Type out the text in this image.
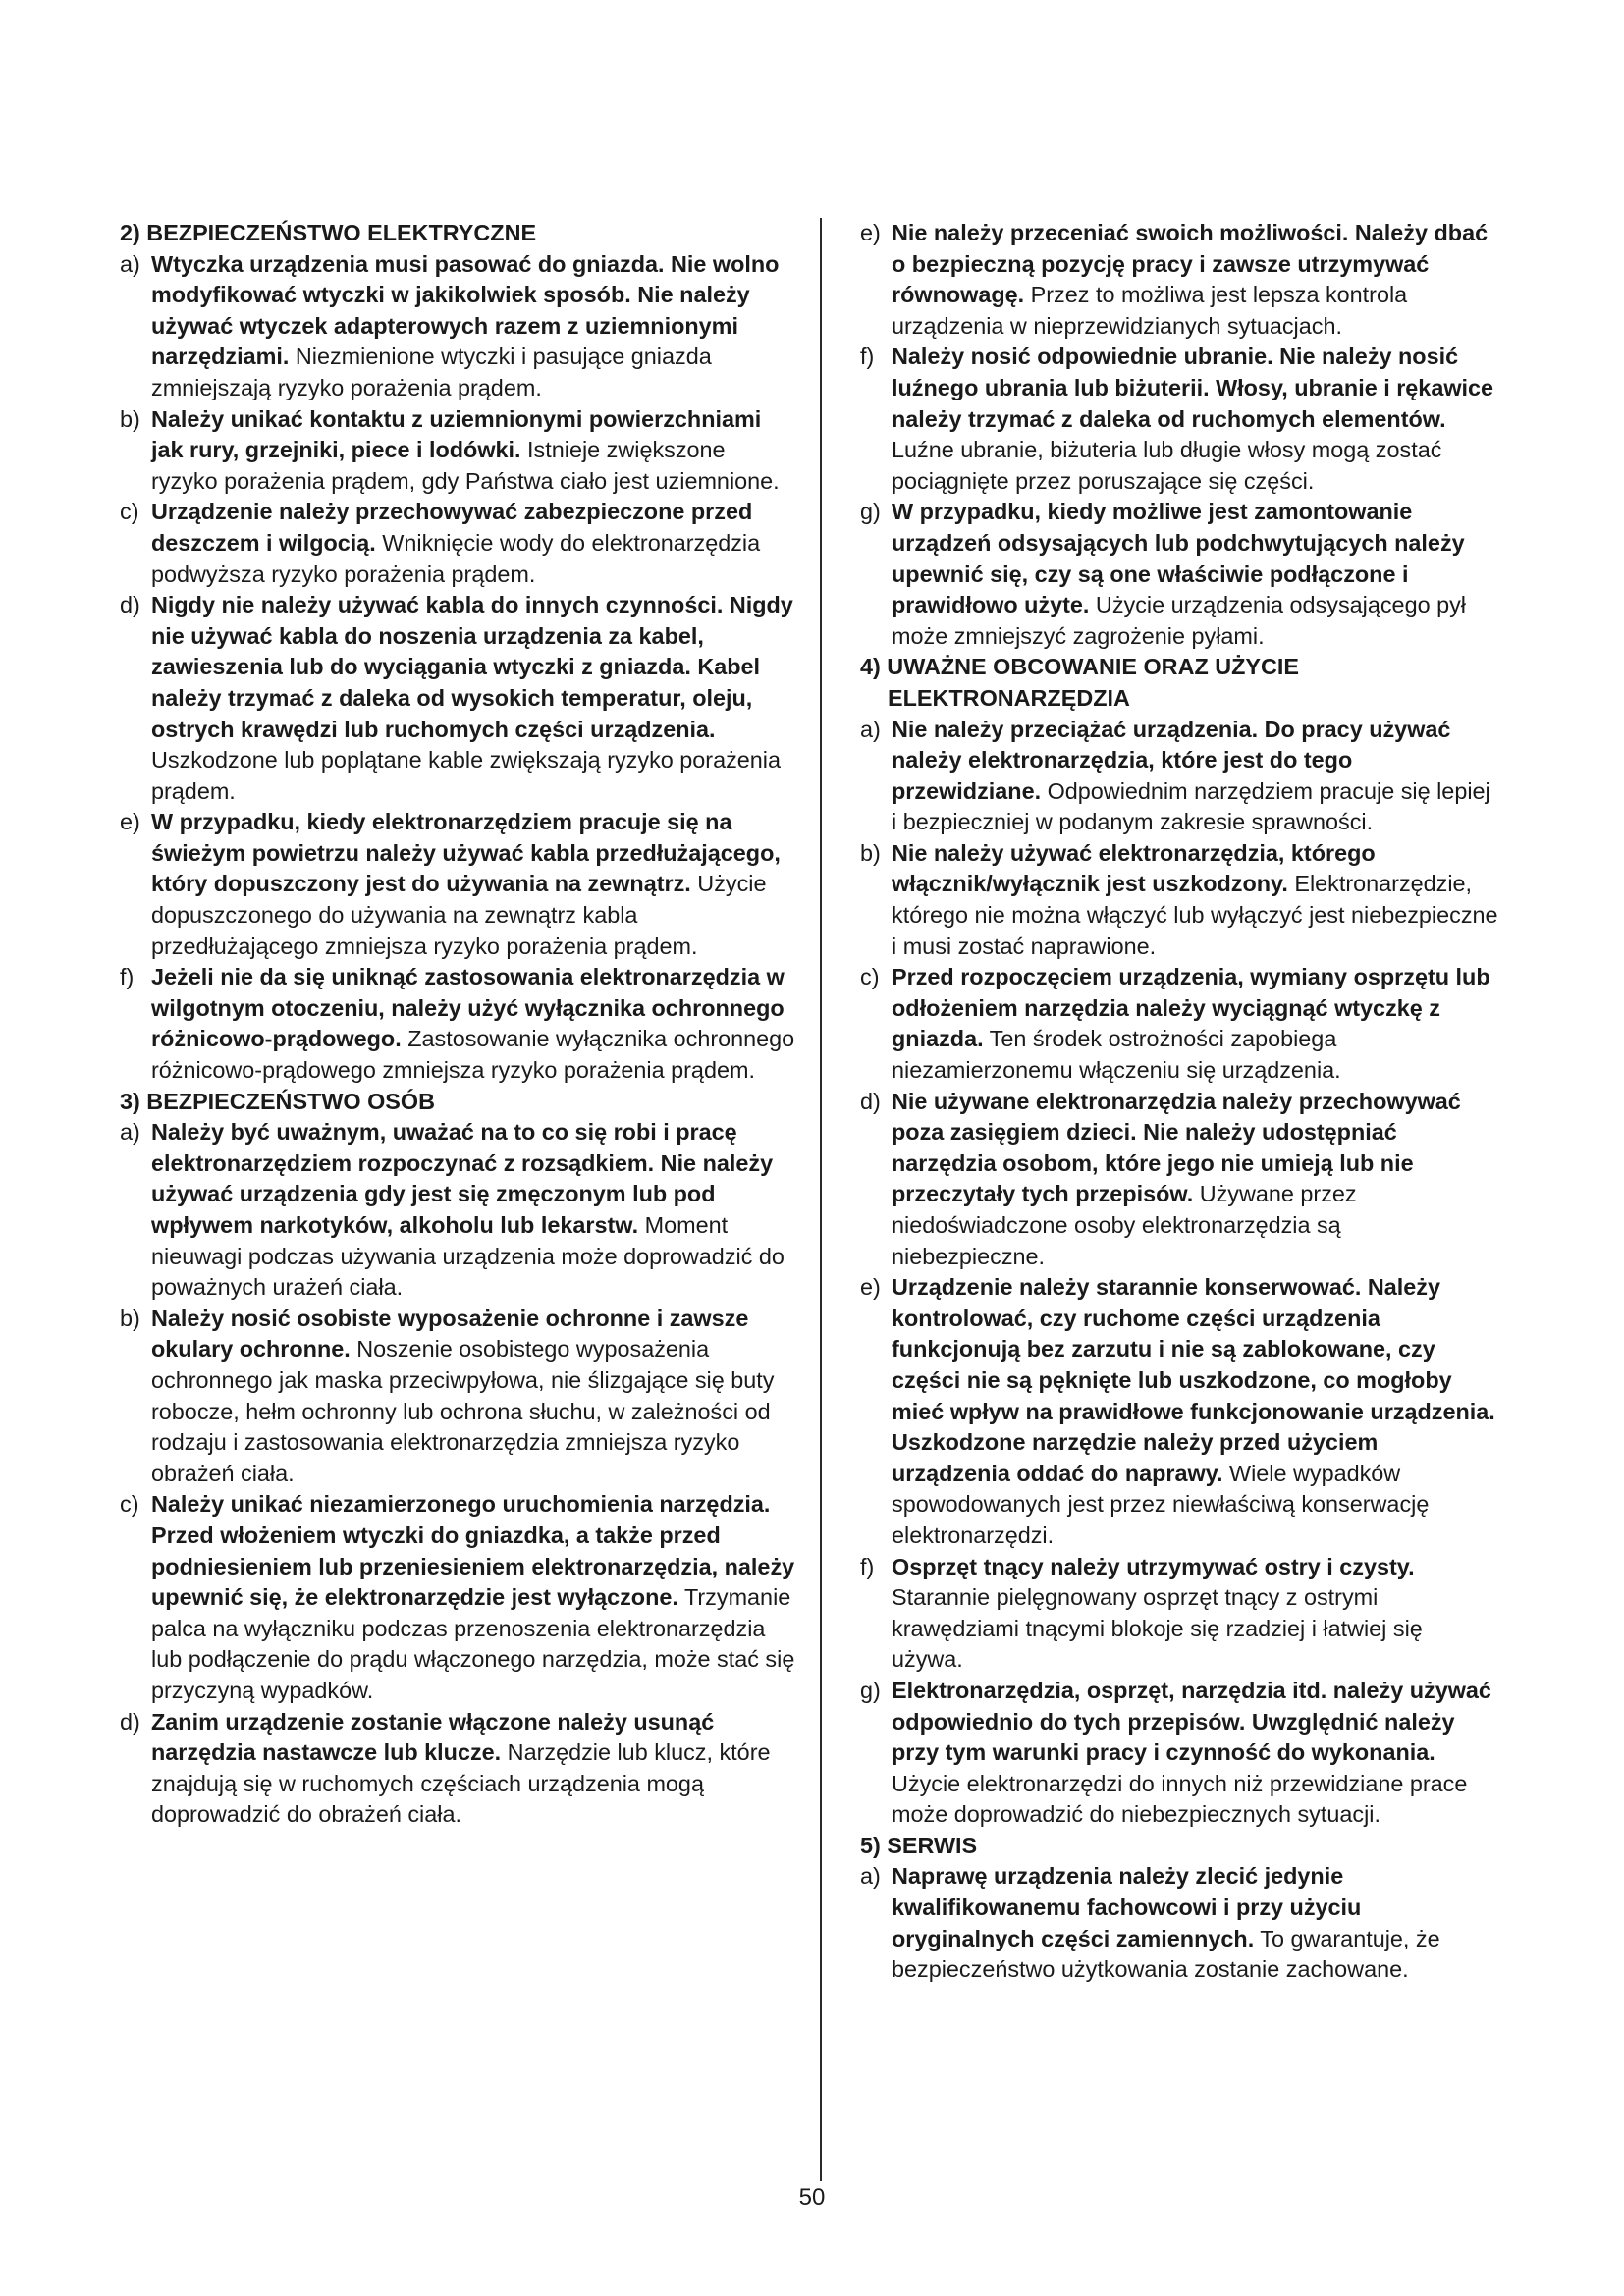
2) BEZPIECZEŃSTWO ELEKTRYCZNE

a) Wtyczka urządzenia musi pasować do gniazda. Nie wolno modyfikować wtyczki w jakikolwiek sposób. Nie należy używać wtyczek adapterowych razem z uziemnionymi narzędziami. Niezmienione wtyczki i pasujące gniazda zmniejszają ryzyko porażenia prądem.
b) Należy unikać kontaktu z uziemnionymi powierzchniami jak rury, grzejniki, piece i lodówki. Istnieje zwiększone ryzyko porażenia prądem, gdy Państwa ciało jest uziemnione.
c) Urządzenie należy przechowywać zabezpieczone przed deszczem i wilgocią. Wniknięcie wody do elektronarzędzia podwyższa ryzyko porażenia prądem.
d) Nigdy nie należy używać kabla do innych czynności. Nigdy nie używać kabla do noszenia urządzenia za kabel, zawieszenia lub do wyciągania wtyczki z gniazda. Kabel należy trzymać z daleka od wysokich temperatur, oleju, ostrych krawędzi lub ruchomych części urządzenia. Uszkodzone lub poplątane kable zwiększają ryzyko porażenia prądem.
e) W przypadku, kiedy elektronarzędziem pracuje się na świeżym powietrzu należy używać kabla przedłużającego, który dopuszczony jest do używania na zewnątrz. Użycie dopuszczonego do używania na zewnątrz kabla przedłużającego zmniejsza ryzyko porażenia prądem.
f) Jeżeli nie da się uniknąć zastosowania elektronarzędzia w wilgotnym otoczeniu, należy użyć wyłącznika ochronnego różnicowo-prądowego. Zastosowanie wyłącznika ochronnego różnicowo-prądowego zmniejsza ryzyko porażenia prądem.

3) BEZPIECZEŃSTWO OSÓB

a) Należy być uważnym, uważać na to co się robi i pracę elektronarzędziem rozpoczynać z rozsądkiem. Nie należy używać urządzenia gdy jest się zmęczonym lub pod wpływem narkotyków, alkoholu lub lekarstw. Moment nieuwagi podczas używania urządzenia może doprowadzić do poważnych urażeń ciała.
b) Należy nosić osobiste wyposażenie ochronne i zawsze okulary ochronne. Noszenie osobistego wyposażenia ochronnego jak maska przeciwpyłowa, nie ślizgające się buty robocze, hełm ochronny lub ochrona słuchu, w zależności od rodzaju i zastosowania elektronarzędzia zmniejsza ryzyko obrażeń ciała.
c) Należy unikać niezamierzonego uruchomienia narzędzia. Przed włożeniem wtyczki do gniazdka, a także przed podniesieniem lub przeniesieniem elektronarzędzia, należy upewnić się, że elektronarzędzie jest wyłączone. Trzymanie palca na wyłączniku podczas przenoszenia elektronarzędzia lub podłączenie do prądu włączonego narzędzia, może stać się przyczyną wypadków.
d) Zanim urządzenie zostanie włączone należy usunąć narzędzia nastawcze lub klucze. Narzędzie lub klucz, które znajdują się w ruchomych częściach urządzenia mogą doprowadzić do obrażeń ciała.
e) Nie należy przeceniać swoich możliwości. Należy dbać o bezpieczną pozycję pracy i zawsze utrzymywać równowagę. Przez to możliwa jest lepsza kontrola urządzenia w nieprzewidzianych sytuacjach.
f) Należy nosić odpowiednie ubranie. Nie należy nosić luźnego ubrania lub biżuterii. Włosy, ubranie i rękawice należy trzymać z daleka od ruchomych elementów. Luźne ubranie, biżuteria lub długie włosy mogą zostać pociągnięte przez poruszające się części.
g) W przypadku, kiedy możliwe jest zamontowanie urządzeń odsysających lub podchwytujących należy upewnić się, czy są one właściwie podłączone i prawidłowo użyte. Użycie urządzenia odsysającego pył może zmniejszyć zagrożenie pyłami.

4) UWAŻNE OBCOWANIE ORAZ UŻYCIE

ELEKTRONARZĘDZIA

a) Nie należy przeciążać urządzenia. Do pracy używać należy elektronarzędzia, które jest do tego przewidziane. Odpowiednim narzędziem pracuje się lepiej i bezpieczniej w podanym zakresie sprawności.
b) Nie należy używać elektronarzędzia, którego włącznik/wyłącznik jest uszkodzony. Elektronarzędzie, którego nie można włączyć lub wyłączyć jest niebezpieczne i musi zostać naprawione.
c) Przed rozpoczęciem urządzenia, wymiany osprzętu lub odłożeniem narzędzia należy wyciągnąć wtyczkę z gniazda. Ten środek ostrożności zapobiega niezamierzonemu włączeniu się urządzenia.
d) Nie używane elektronarzędzia należy przechowywać poza zasięgiem dzieci. Nie należy udostępniać narzędzia osobom, które jego nie umieją lub nie przeczytały tych przepisów. Używane przez niedoświadczone osoby elektronarzędzia są niebezpieczne.
e) Urządzenie należy starannie konserwować. Należy kontrolować, czy ruchome części urządzenia funkcjonują bez zarzutu i nie są zablokowane, czy części nie są pęknięte lub uszkodzone, co mogłoby mieć wpływ na prawidłowe funkcjonowanie urządzenia. Uszkodzone narzędzie należy przed użyciem urządzenia oddać do naprawy. Wiele wypadków spowodowanych jest przez niewłaściwą konserwację elektronarzędzi.
f) Osprzęt tnący należy utrzymywać ostry i czysty. Starannie pielęgnowany osprzęt tnący z ostrymi krawędziami tnącymi blokoje się rzadziej i łatwiej się używa.
g) Elektronarzędzia, osprzęt, narzędzia itd. należy używać odpowiednio do tych przepisów. Uwzględnić należy przy tym warunki pracy i czynność do wykonania. Użycie elektronarzędzi do innych niż przewidziane prace może doprowadzić do niebezpiecznych sytuacji.

5) SERWIS

a) Naprawę urządzenia należy zlecić jedynie kwalifikowanemu fachowcowi i przy użyciu oryginalnych części zamiennych. To gwarantuje, że bezpieczeństwo użytkowania zostanie zachowane.
50
